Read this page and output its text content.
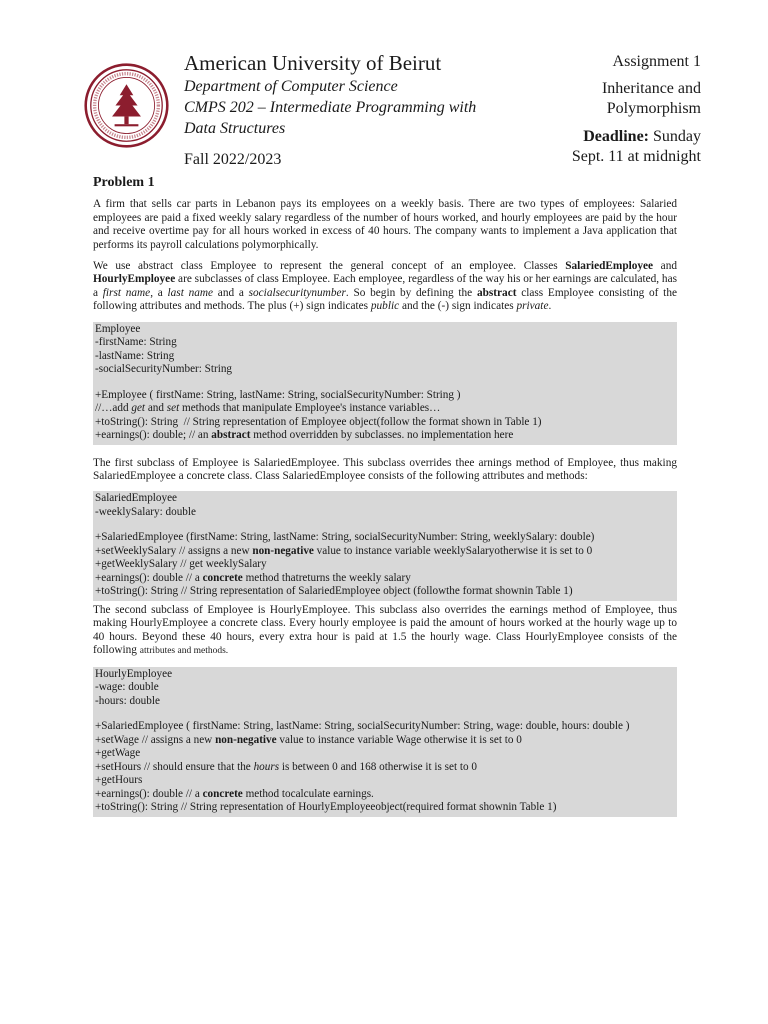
American University of Beirut
Department of Computer Science
CMPS 202 – Intermediate Programming with
Data Structures
Fall 2022/2023
Assignment 1
Inheritance and
Polymorphism
Deadline: Sunday
Sept. 11 at midnight
Problem 1

A firm that sells car parts in Lebanon pays its employees on a weekly basis. There are two types of employees: Salaried employees are paid a fixed weekly salary regardless of the number of hours worked, and hourly employees are paid by the hour and receive overtime pay for all hours worked in excess of 40 hours. The company wants to implement a Java application that performs its payroll calculations polymorphically.

We use abstract class Employee to represent the general concept of an employee. Classes SalariedEmployee and HourlyEmployee are subclasses of class Employee. Each employee, regardless of the way his or her earnings are calculated, has a first name, a last name and a socialsecuritynumber. So begin by defining the abstract class Employee consisting of the following attributes and methods. The plus (+) sign indicates public and the (-) sign indicates private.

Employee
-firstName: String
-lastName: String
-socialSecurityNumber: String
+Employee ( firstName: String, lastName: String, socialSecurityNumber: String )
//…add get and set methods that manipulate Employee's instance variables…
+toString(): String  // String representation of Employee object(follow the format shown in Table 1)
+earnings(): double; // an abstract method overridden by subclasses. no implementation here

The first subclass of Employee is SalariedEmployee. This subclass overrides thee arnings method of Employee, thus making SalariedEmployee a concrete class. Class SalariedEmployee consists of the following attributes and methods:

SalariedEmployee
-weeklySalary: double
+SalariedEmployee (firstName: String, lastName: String, socialSecurityNumber: String, weeklySalary: double)
+setWeeklySalary // assigns a new non-negative value to instance variable weeklySalaryotherwise it is set to 0
+getWeeklySalary // get weeklySalary
+earnings(): double // a concrete method thatreturns the weekly salary
+toString(): String // String representation of SalariedEmployee object (followthe format shownin Table 1)

The second subclass of Employee is HourlyEmployee. This subclass also overrides the earnings method of Employee, thus making HourlyEmployee a concrete class. Every hourly employee is paid the amount of hours worked at the hourly wage up to 40 hours. Beyond these 40 hours, every extra hour is paid at 1.5 the hourly wage. Class HourlyEmployee consists of the following attributes and methods.

HourlyEmployee
-wage: double
-hours: double
+SalariedEmployee ( firstName: String, lastName: String, socialSecurityNumber: String, wage: double, hours: double )
+setWage // assigns a new non-negative value to instance variable Wage otherwise it is set to 0
+getWage
+setHours // should ensure that the hours is between 0 and 168 otherwise it is set to 0
+getHours
+earnings(): double // a concrete method tocalculate earnings.
+toString(): String // String representation of HourlyEmployeeobject(required format shownin Table 1)
